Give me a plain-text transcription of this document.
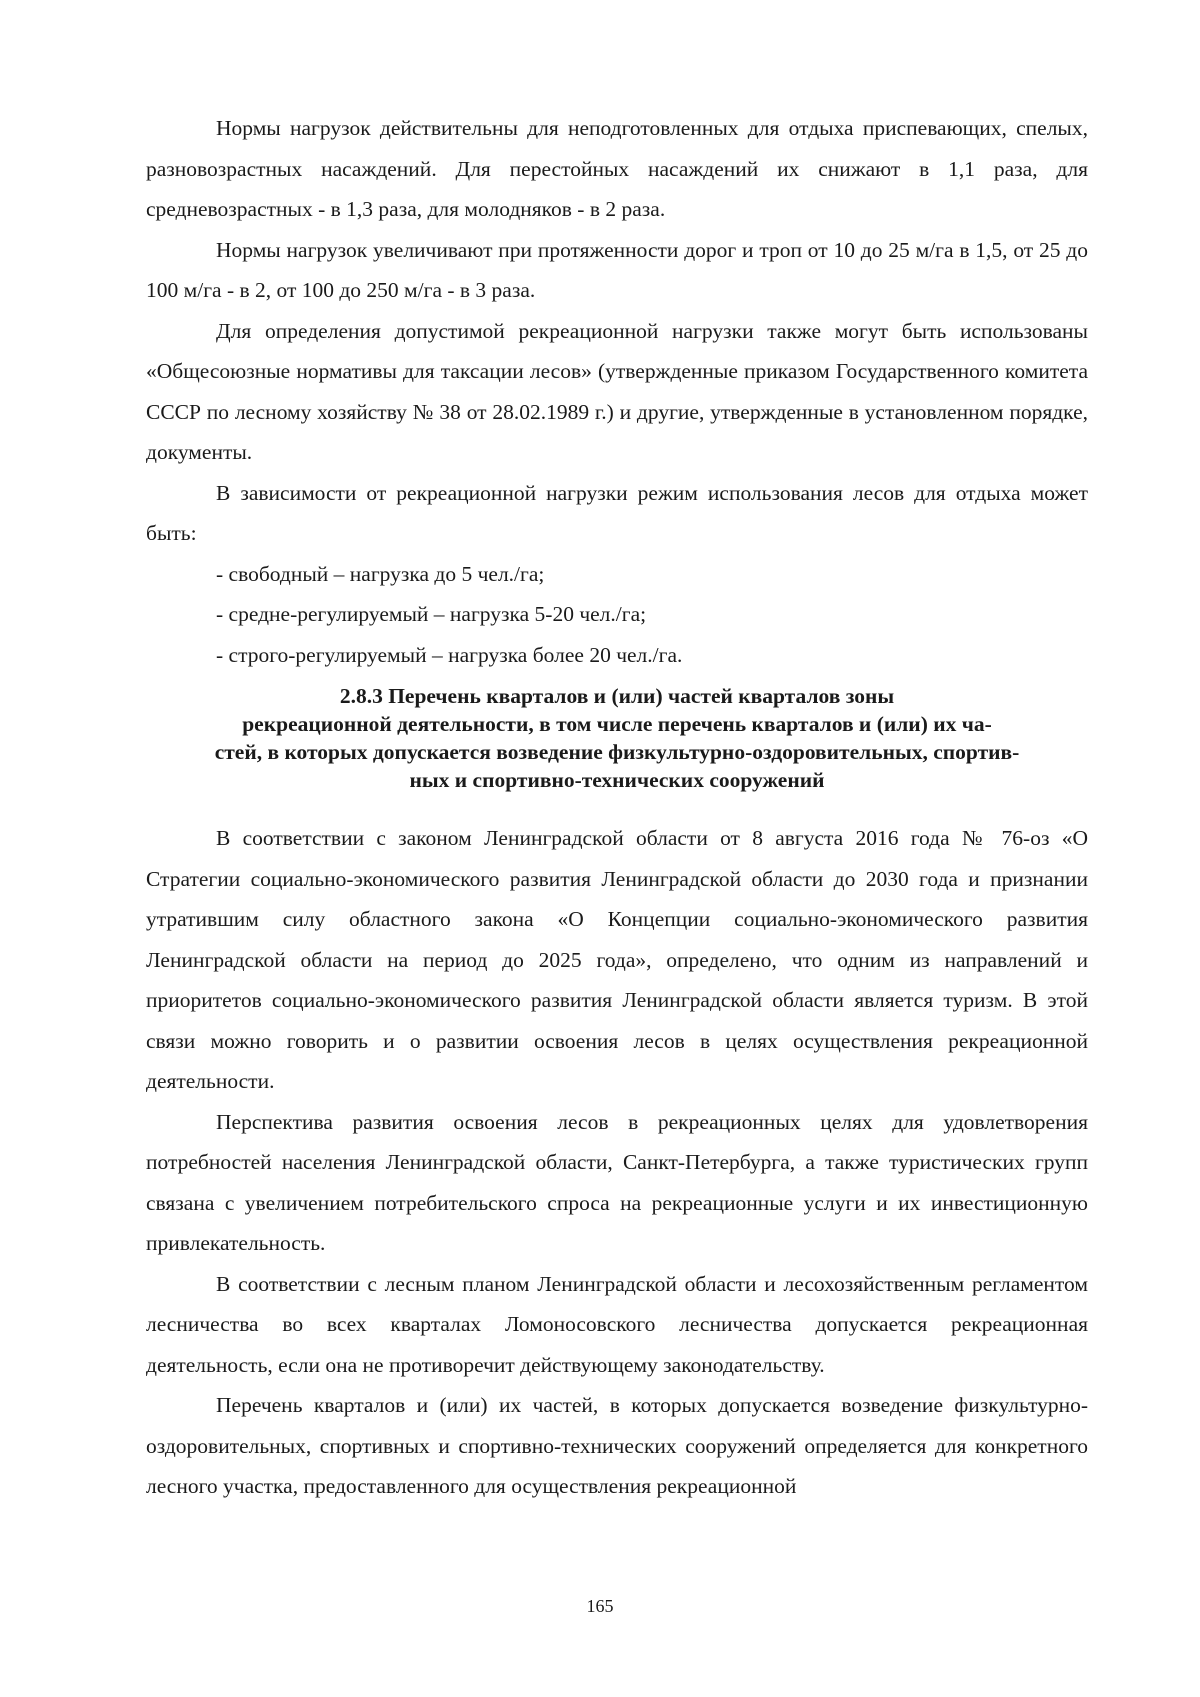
Нормы нагрузок действительны для неподготовленных для отдыха приспевающих, спелых, разновозрастных насаждений. Для перестойных насаждений их снижают в 1,1 раза, для средневозрастных - в 1,3 раза, для молодняков - в 2 раза.

Нормы нагрузок увеличивают при протяженности дорог и троп от 10 до 25 м/га в 1,5, от 25 до 100 м/га - в 2, от 100 до 250 м/га - в 3 раза.

Для определения допустимой рекреационной нагрузки также могут быть использованы «Общесоюзные нормативы для таксации лесов» (утвержденные приказом Государственного комитета СССР по лесному хозяйству № 38 от 28.02.1989 г.) и другие, утвержденные в установленном порядке, документы.

В зависимости от рекреационной нагрузки режим использования лесов для отдыха может быть:

- свободный – нагрузка до 5 чел./га;

- средне-регулируемый – нагрузка 5-20 чел./га;

- строго-регулируемый – нагрузка более 20 чел./га.

2.8.3 Перечень кварталов и (или) частей кварталов зоны
рекреационной деятельности, в том числе перечень кварталов и (или) их ча-
стей, в которых допускается возведение физкультурно-оздоровительных, спортив-
ных и спортивно-технических сооружений

В соответствии с законом Ленинградской области от 8 августа 2016 года № 76-оз «О Стратегии социально-экономического развития Ленинградской области до 2030 года и признании утратившим силу областного закона «О Концепции социально-экономического развития Ленинградской области на период до 2025 года», определено, что одним из направлений и приоритетов социально-экономического развития Ленинградской области является туризм. В этой связи можно говорить и о развитии освоения лесов в целях осуществления рекреационной деятельности.

Перспектива развития освоения лесов в рекреационных целях для удовлетворения потребностей населения Ленинградской области, Санкт-Петербурга, а также туристических групп связана с увеличением потребительского спроса на рекреационные услуги и их инвестиционную привлекательность.

В соответствии с лесным планом Ленинградской области и лесохозяйственным регламентом лесничества во всех кварталах Ломоносовского лесничества допускается рекреационная деятельность, если она не противоречит действующему законодательству.

Перечень кварталов и (или) их частей, в которых допускается возведение физкультурно-оздоровительных, спортивных и спортивно-технических сооружений определяется для конкретного лесного участка, предоставленного для осуществления рекреационной

165
